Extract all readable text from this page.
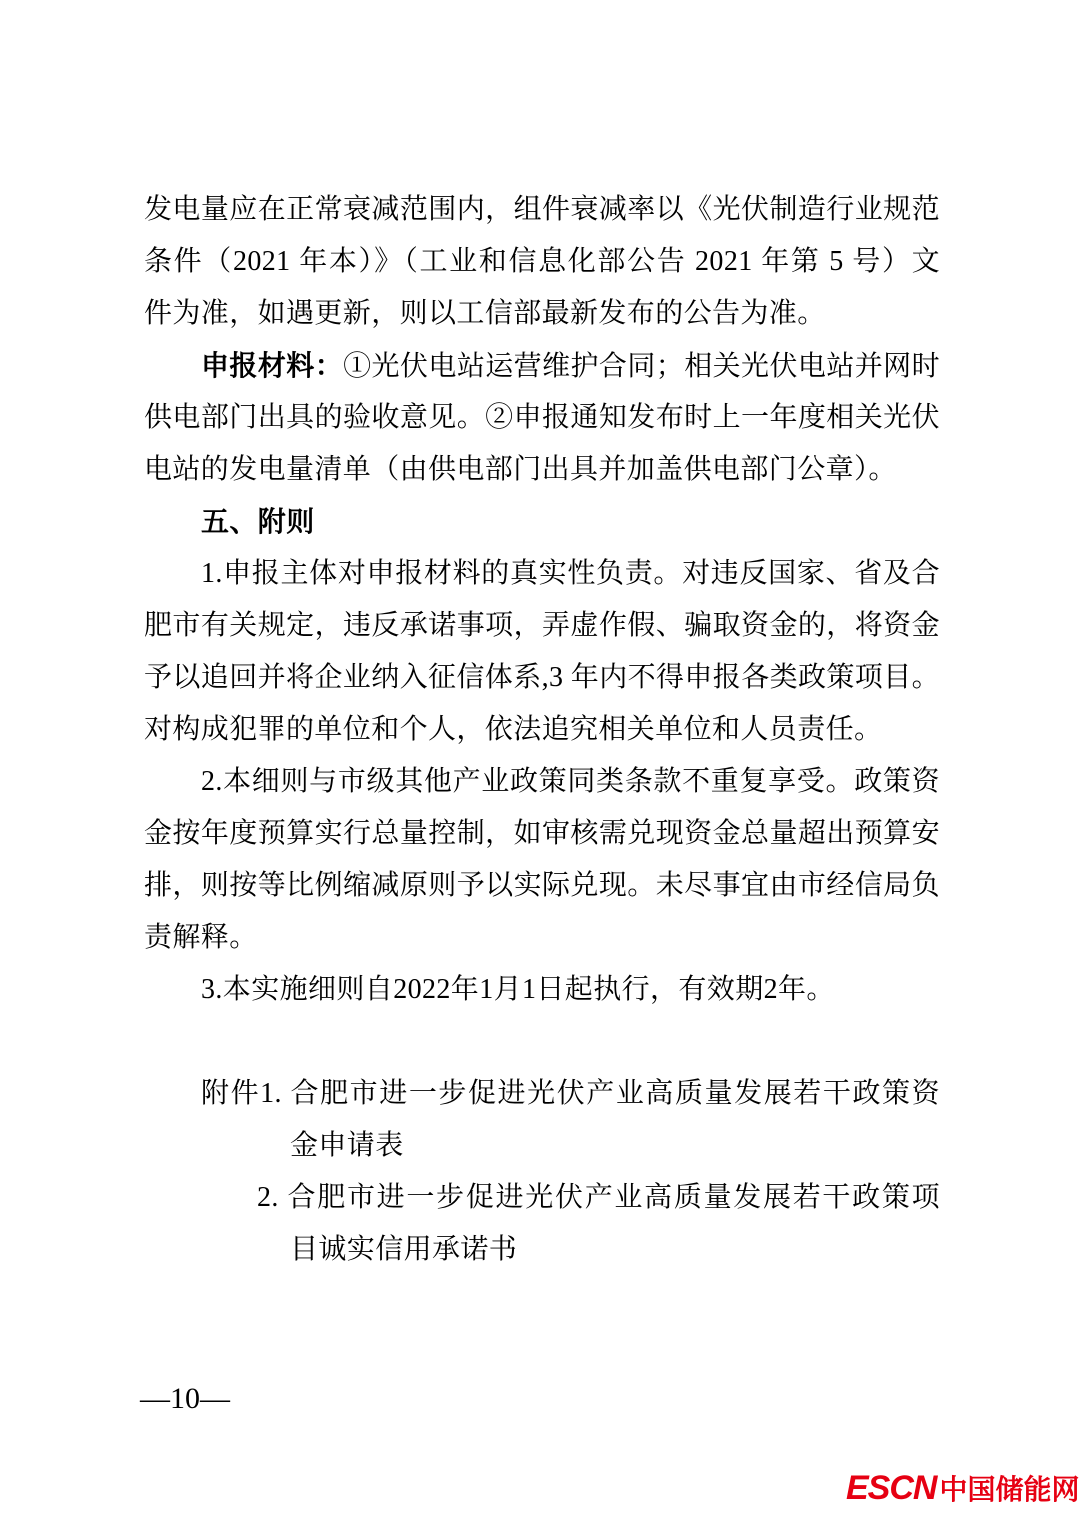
发电量应在正常衰减范围内，组件衰减率以《光伏制造行业规范
条件（2021 年本）》（工业和信息化部公告 2021 年第 5 号）文
件为准，如遇更新，则以工信部最新发布的公告为准。
申报材料：①光伏电站运营维护合同；相关光伏电站并网时
供电部门出具的验收意见。②申报通知发布时上一年度相关光伏
电站的发电量清单（由供电部门出具并加盖供电部门公章）。
五、附则
1.申报主体对申报材料的真实性负责。对违反国家、省及合
肥市有关规定，违反承诺事项，弄虚作假、骗取资金的，将资金
予以追回并将企业纳入征信体系,3 年内不得申报各类政策项目。
对构成犯罪的单位和个人，依法追究相关单位和人员责任。
2.本细则与市级其他产业政策同类条款不重复享受。政策资
金按年度预算实行总量控制，如审核需兑现资金总量超出预算安
排，则按等比例缩减原则予以实际兑现。未尽事宜由市经信局负
责解释。
3.本实施细则自2022年1月1日起执行，有效期2年。
附件1. 合肥市进一步促进光伏产业高质量发展若干政策资
金申请表
2. 合肥市进一步促进光伏产业高质量发展若干政策项
目诚实信用承诺书
—10—
ESCN 中国储能网
